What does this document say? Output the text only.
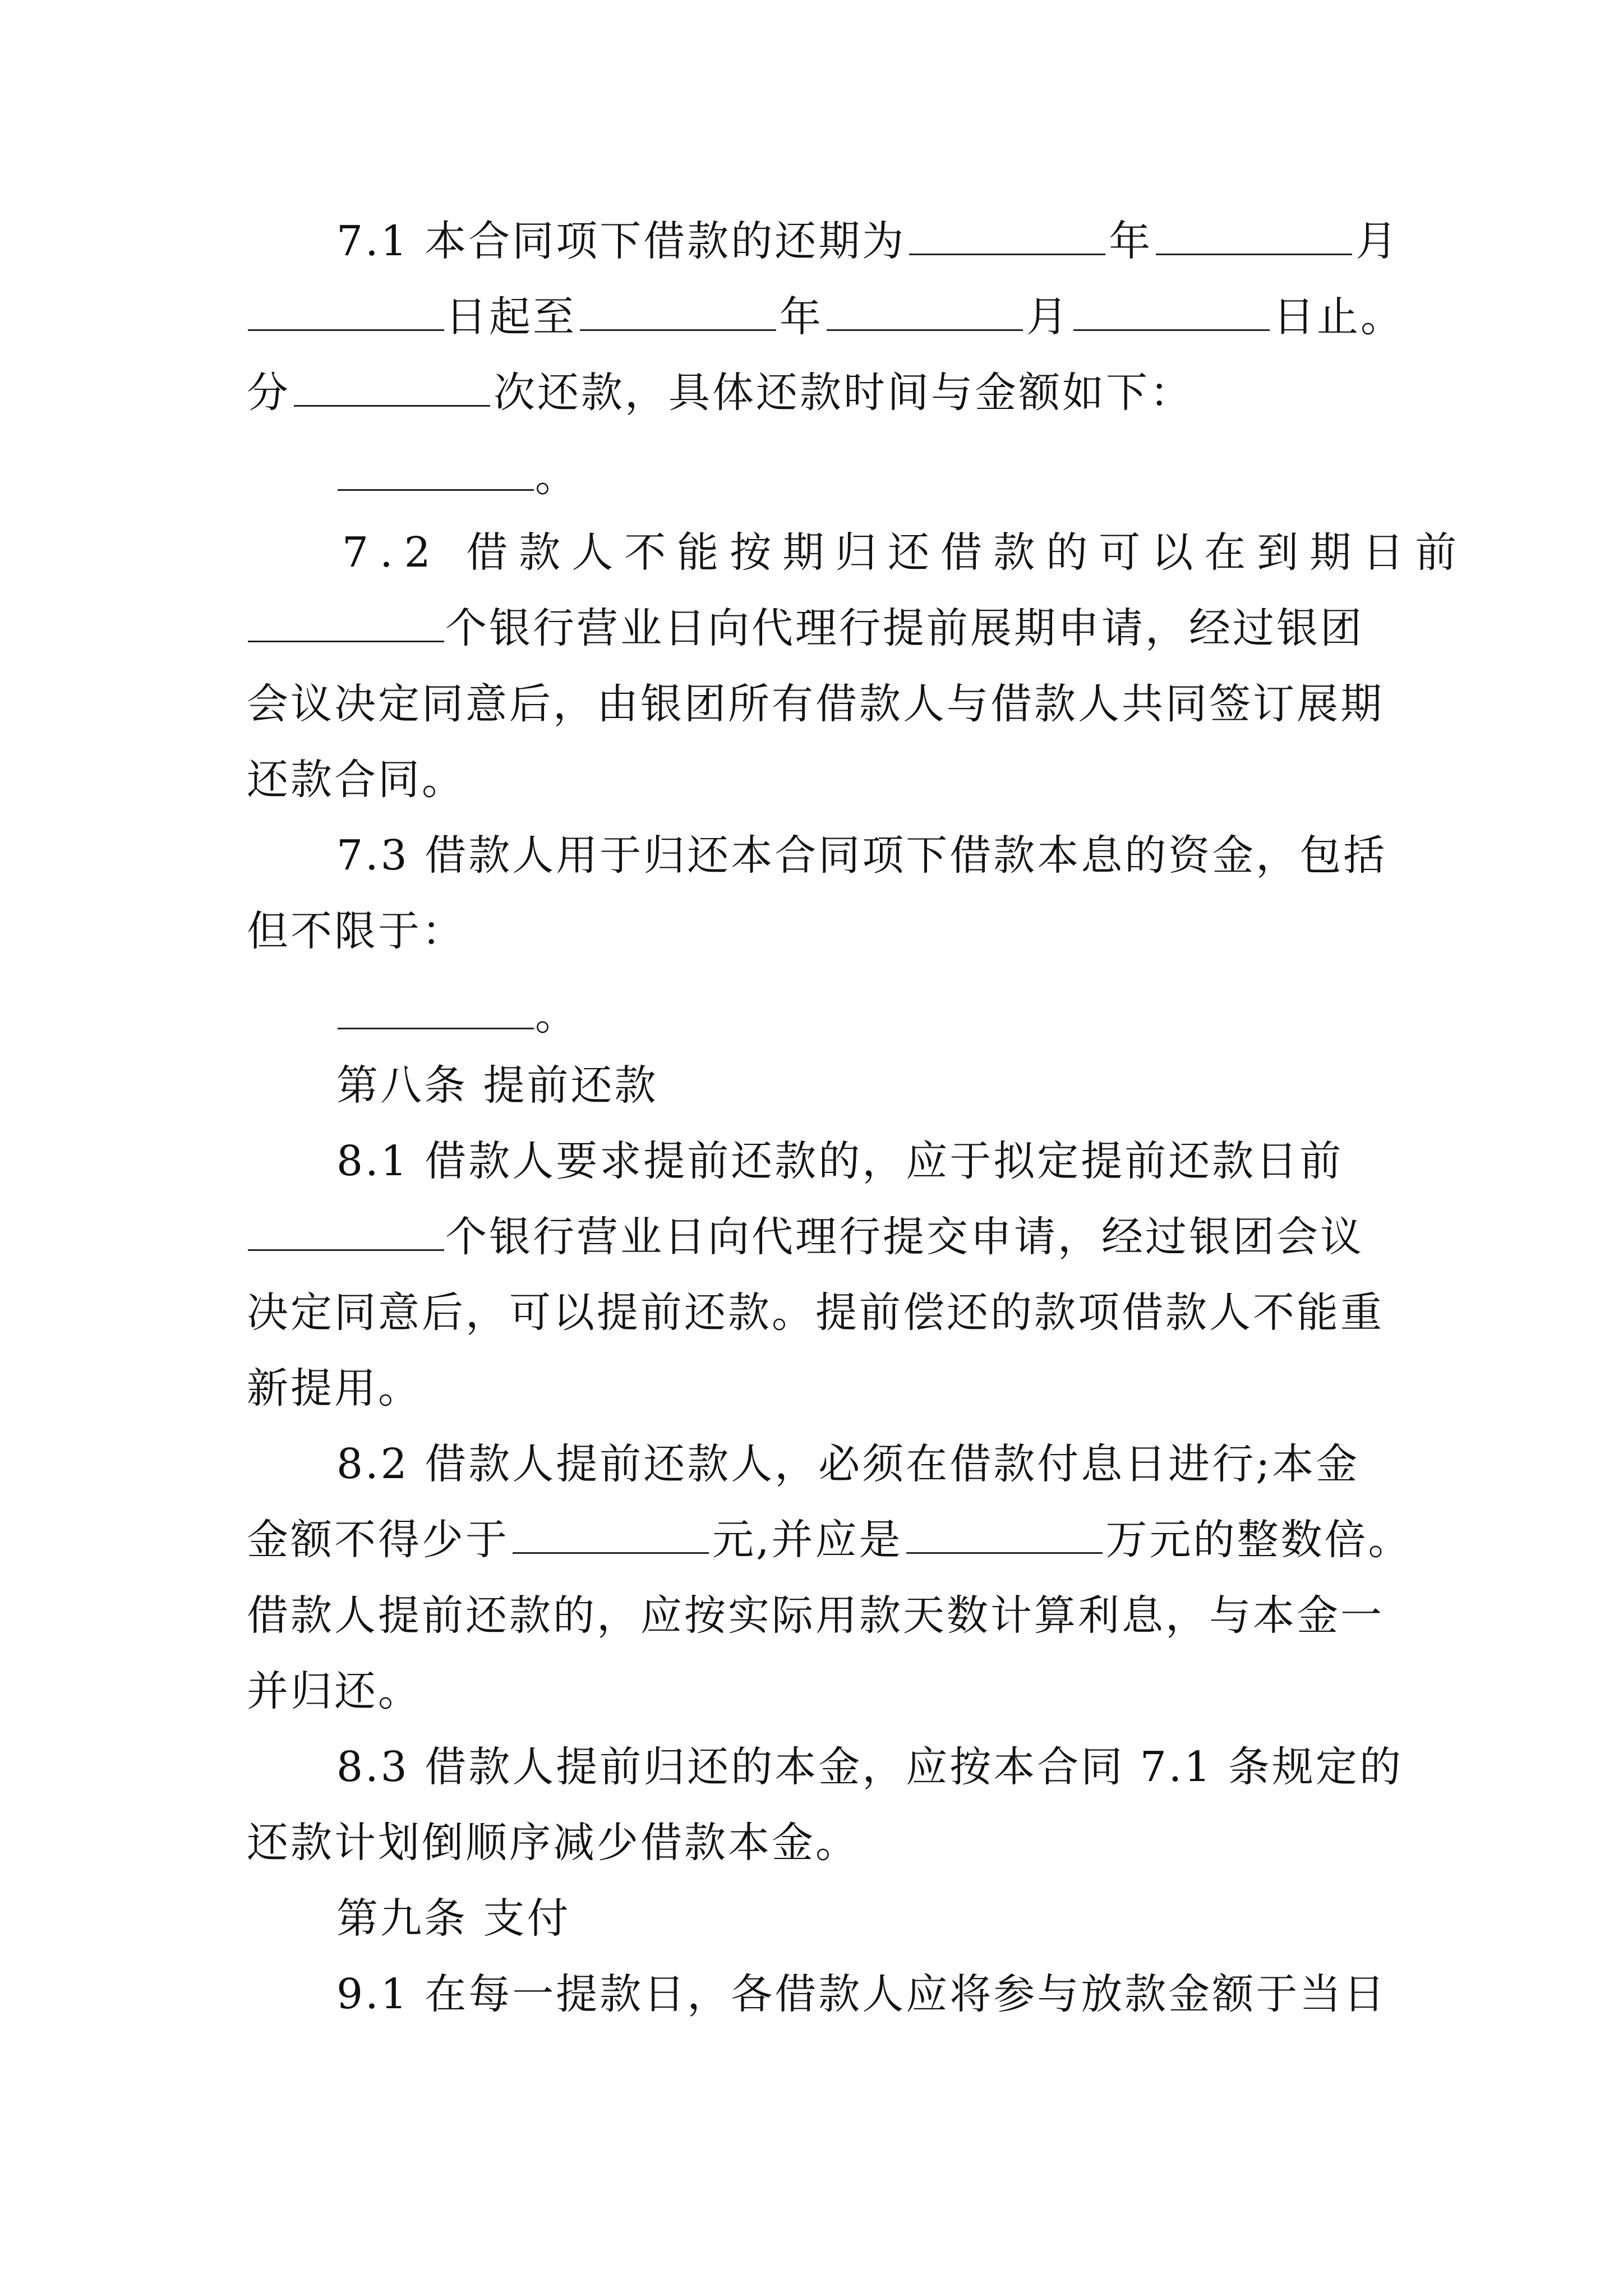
7.1 本合同项下借款的还期为	年	月
日起至	年	月	日止。
分	次还款，具体还款时间与金额如下：
。
7.2 借款人不能按期归还借款的可以在到期日前
个银行营业日向代理行提前展期申请，经过银团
会议决定同意后，由银团所有借款人与借款人共同签订展期
还款合同。
7.3 借款人用于归还本合同项下借款本息的资金，包括
但不限于：
。
第八条 提前还款
8.1 借款人要求提前还款的，应于拟定提前还款日前
个银行营业日向代理行提交申请，经过银团会议
决定同意后，可以提前还款。提前偿还的款项借款人不能重
新提用。
8.2 借款人提前还款人，必须在借款付息日进行;本金
金额不得少于	元,并应是	万元的整数倍。
借款人提前还款的，应按实际用款天数计算利息，与本金一
并归还。
8.3 借款人提前归还的本金，应按本合同 7.1 条规定的
还款计划倒顺序减少借款本金。
第九条 支付
9.1 在每一提款日，各借款人应将参与放款金额于当日
